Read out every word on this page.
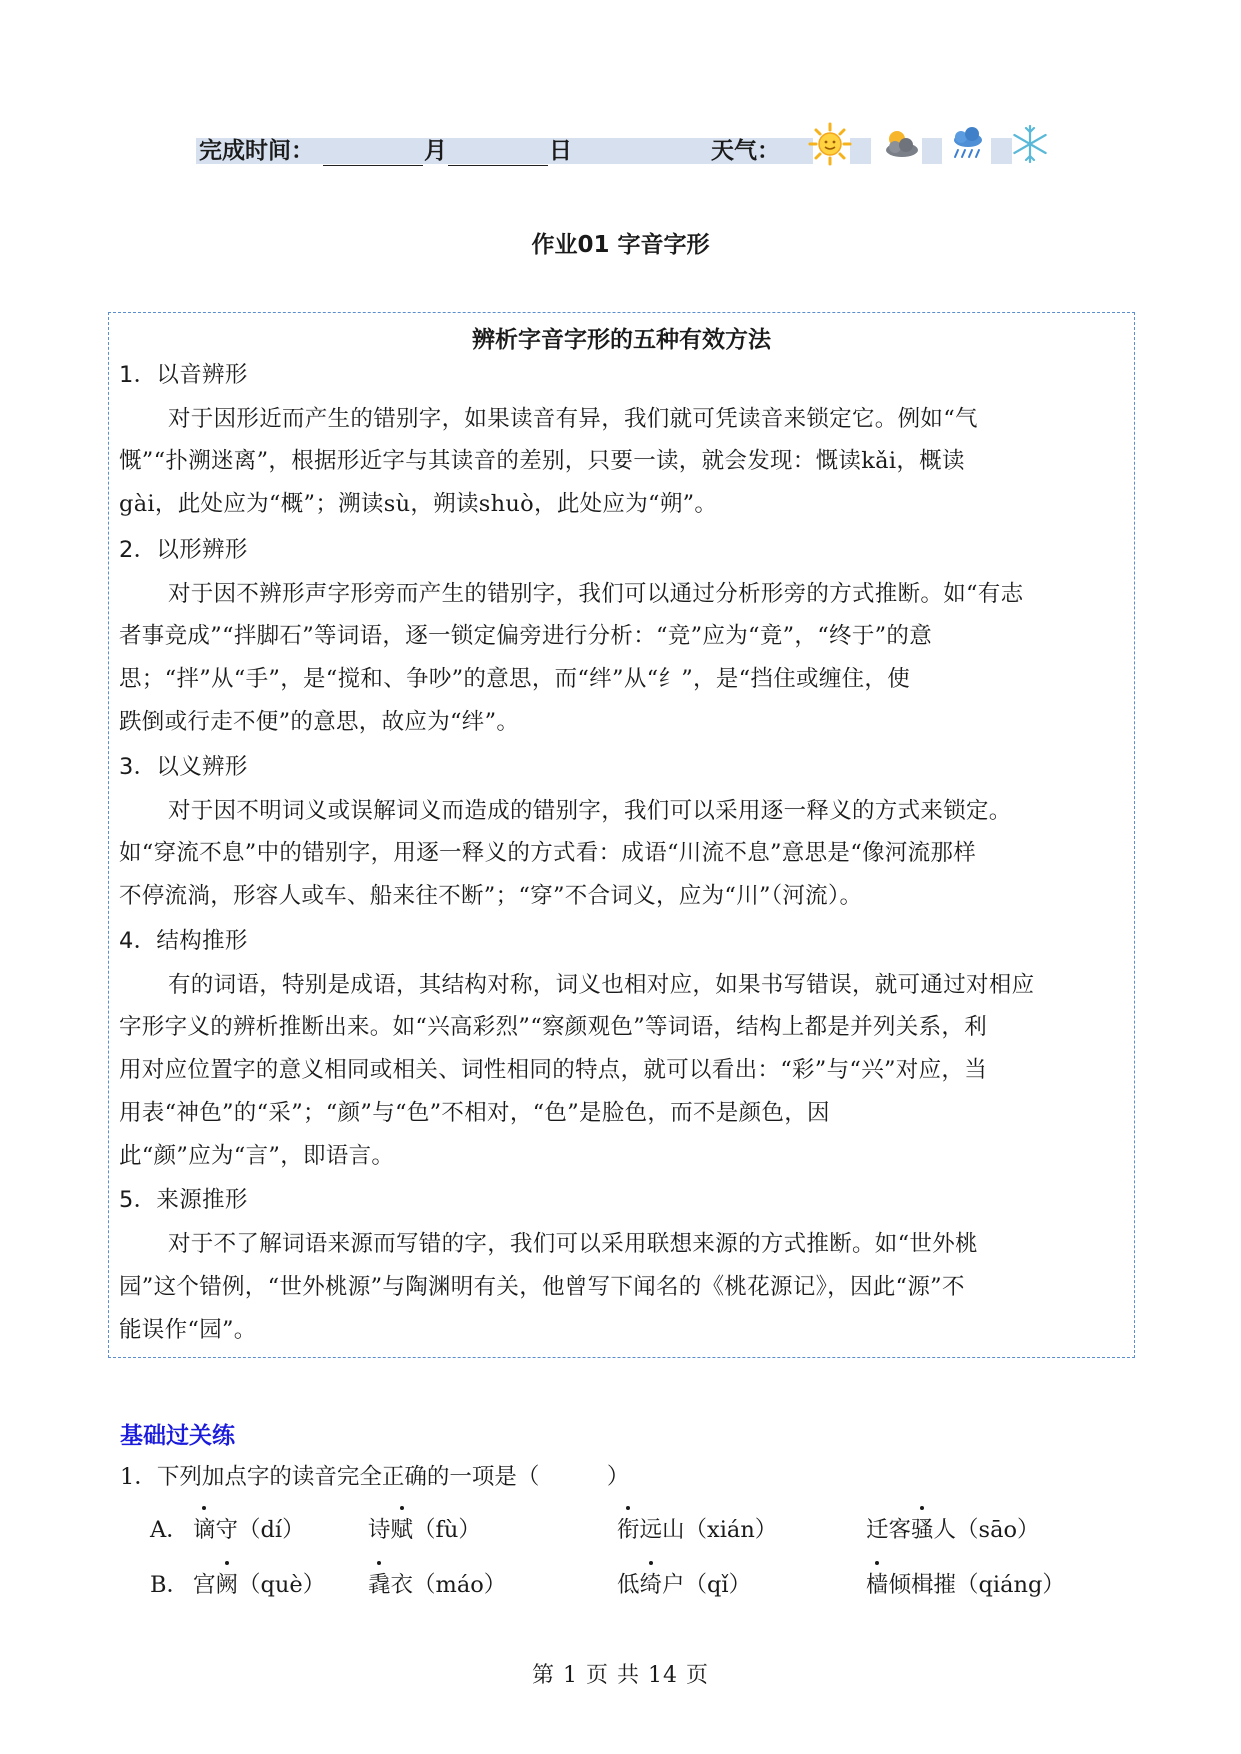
完成时间：	月	日	天气：
作业01 字音字形
辨析字音字形的五种有效方法
1．以音辨形
对于因形近而产生的错别字，如果读音有异，我们就可凭读音来锁定它。例如“气
慨”“扑溯迷离”，根据形近字与其读音的差别，只要一读，就会发现：慨读kǎi，概读
gài，此处应为“概”；溯读sù，朔读shuò，此处应为“朔”。
2．以形辨形
对于因不辨形声字形旁而产生的错别字，我们可以通过分析形旁的方式推断。如“有志
者事竞成”“拌脚石”等词语，逐一锁定偏旁进行分析：“竞”应为“竟”，“终于”的意
思；“拌”从“手”，是“搅和、争吵”的意思，而“绊”从“纟”，是“挡住或缠住，使
跌倒或行走不便”的意思，故应为“绊”。
3．以义辨形
对于因不明词义或误解词义而造成的错别字，我们可以采用逐一释义的方式来锁定。
如“穿流不息”中的错别字，用逐一释义的方式看：成语“川流不息”意思是“像河流那样
不停流淌，形容人或车、船来往不断”；“穿”不合词义，应为“川”（河流）。
4．结构推形
有的词语，特别是成语，其结构对称，词义也相对应，如果书写错误，就可通过对相应
字形字义的辨析推断出来。如“兴高彩烈”“察颜观色”等词语，结构上都是并列关系，利
用对应位置字的意义相同或相关、词性相同的特点，就可以看出：“彩”与“兴”对应，当
用表“神色”的“采”；“颜”与“色”不相对，“色”是脸色，而不是颜色，因
此“颜”应为“言”，即语言。
5．来源推形
对于不了解词语来源而写错的字，我们可以采用联想来源的方式推断。如“世外桃
园”这个错例，“世外桃源”与陶渊明有关，他曾写下闻名的《桃花源记》，因此“源”不
能误作“园”。
基础过关练
1．下列加点字的读音完全正确的一项是（　　　）
A． 谪守（dí）	诗赋（fù）	衔远山（xián）	迁客骚人（sāo）
B． 宫阙（què） 毳衣（máo）	低绮户（qǐ）	樯倾楫摧（qiáng）
第 1 页 共 14 页
